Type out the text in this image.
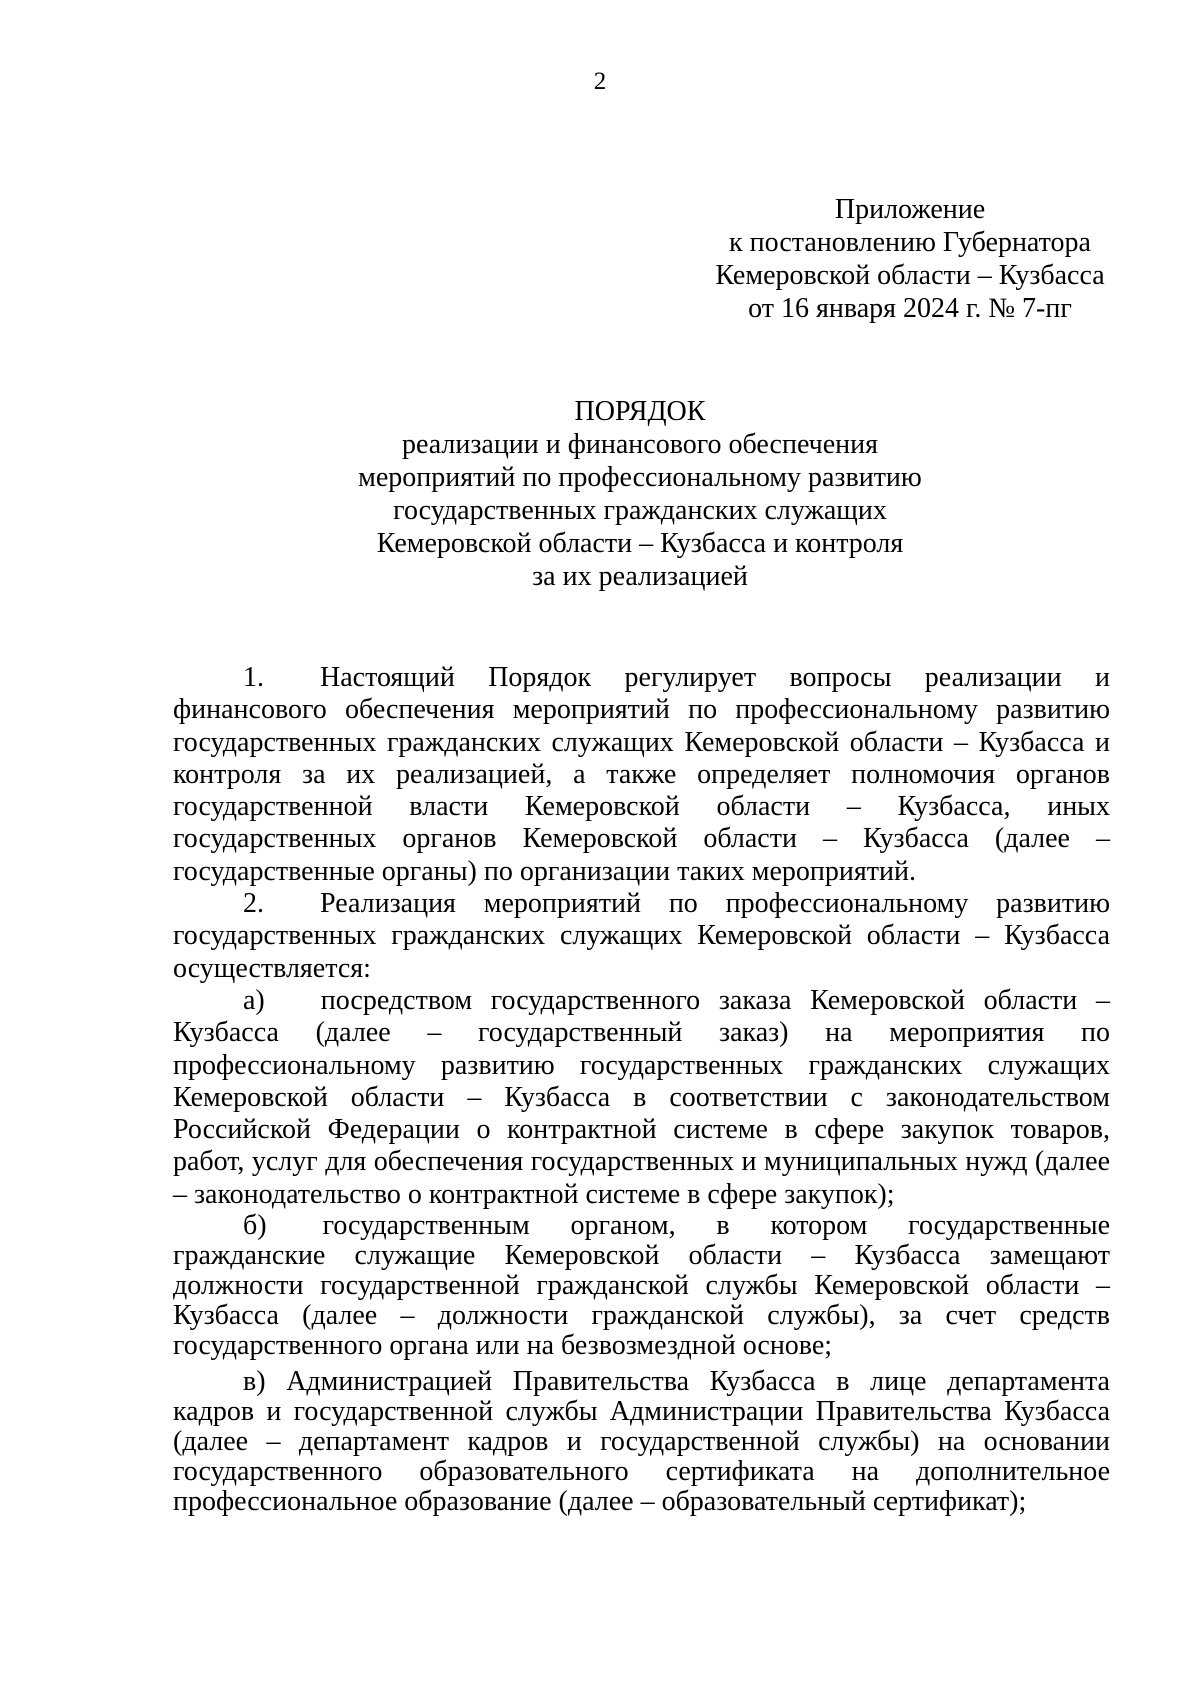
2
Приложение
к постановлению Губернатора
Кемеровской области – Кузбасса
от 16 января 2024 г. № 7-пг
ПОРЯДОК
реализации и финансового обеспечения
мероприятий по профессиональному развитию
государственных гражданских служащих
Кемеровской области – Кузбасса и контроля
за их реализацией

1.  Настоящий Порядок регулирует вопросы реализации и финансового обеспечения мероприятий по профессиональному развитию государственных гражданских служащих Кемеровской области – Кузбасса и контроля за их реализацией, а также определяет полномочия органов государственной власти Кемеровской области – Кузбасса, иных государственных органов Кемеровской области – Кузбасса (далее – государственные органы) по организации таких мероприятий.

2.  Реализация мероприятий по профессиональному развитию государственных гражданских служащих Кемеровской области – Кузбасса осуществляется:

а)  посредством государственного заказа Кемеровской области – Кузбасса (далее – государственный заказ) на мероприятия по профессиональному развитию государственных гражданских служащих Кемеровской области – Кузбасса в соответствии с законодательством Российской Федерации о контрактной системе в сфере закупок товаров, работ, услуг для обеспечения государственных и муниципальных нужд (далее – законодательство о контрактной системе в сфере закупок);

б)  государственным органом, в котором государственные гражданские служащие Кемеровской области – Кузбасса замещают должности государственной гражданской службы Кемеровской области – Кузбасса (далее – должности гражданской службы), за счет средств государственного органа или на безвозмездной основе;

в) Администрацией Правительства Кузбасса в лице департамента кадров и государственной службы Администрации Правительства Кузбасса (далее – департамент кадров и государственной службы) на основании государственного образовательного сертификата на дополнительное профессиональное образование (далее – образовательный сертификат);
